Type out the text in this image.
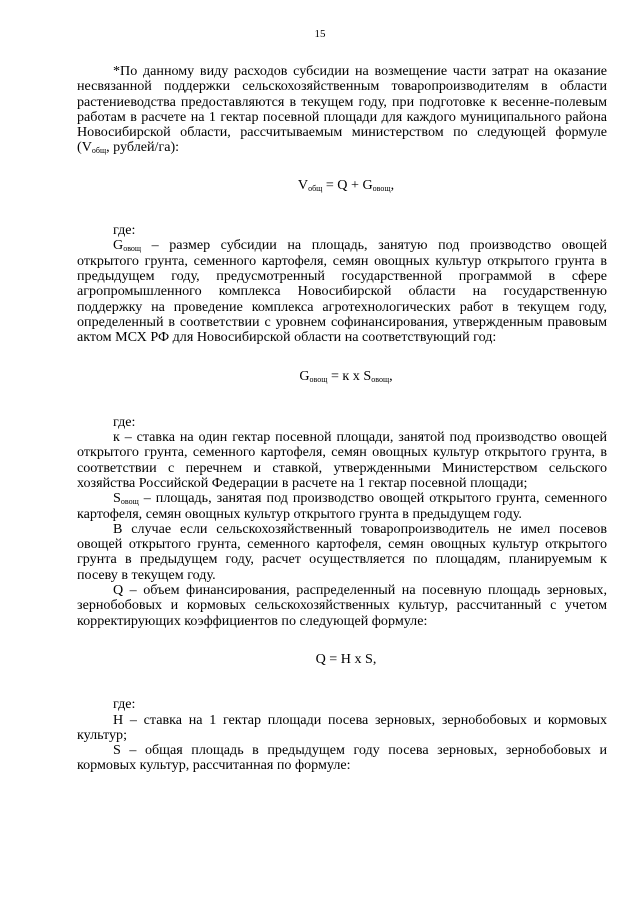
15

*По данному виду расходов субсидии на возмещение части затрат на оказание несвязанной поддержки сельскохозяйственным товаропроизводителям в области растениеводства предоставляются в текущем году, при подготовке к весенне-полевым работам в расчете на 1 гектар посевной площади для каждого муниципального района Новосибирской области, рассчитываемым министерством по следующей формуле ($V_{общ}$, рублей/га):

$V_{общ} = Q + G_{овощ}$,

где:

$G_{овощ}$ – размер субсидии на площадь, занятую под производство овощей открытого грунта, семенного картофеля, семян овощных культур открытого грунта в предыдущем году, предусмотренный государственной программой в сфере агропромышленного комплекса Новосибирской области на государственную поддержку на проведение комплекса агротехнологических работ в текущем году, определенный в соответствии с уровнем софинансирования, утвержденным правовым актом МСХ РФ для Новосибирской области на соответствующий год:

$G_{овощ} = к$ х $S_{овощ}$,

где:

к – ставка на один гектар посевной площади, занятой под производство овощей открытого грунта, семенного картофеля, семян овощных культур открытого грунта, в соответствии с перечнем и ставкой, утвержденными Министерством сельского хозяйства Российской Федерации в расчете на 1 гектар посевной площади;

$S_{овощ}$ – площадь, занятая под производство овощей открытого грунта, семенного картофеля, семян овощных культур открытого грунта в предыдущем году.

В случае если сельскохозяйственный товаропроизводитель не имел посевов овощей открытого грунта, семенного картофеля, семян овощных культур открытого грунта в предыдущем году, расчет осуществляется по площадям, планируемым к посеву в текущем году.

Q – объем финансирования, распределенный на посевную площадь зерновых, зернобобовых и кормовых сельскохозяйственных культур, рассчитанный с учетом корректирующих коэффициентов по следующей формуле:

Q = Н х S,

где:

Н – ставка на 1 гектар площади посева зерновых, зернобобовых и кормовых культур;

S – общая площадь в предыдущем году посева зерновых, зернобобовых и кормовых культур, рассчитанная по формуле:
